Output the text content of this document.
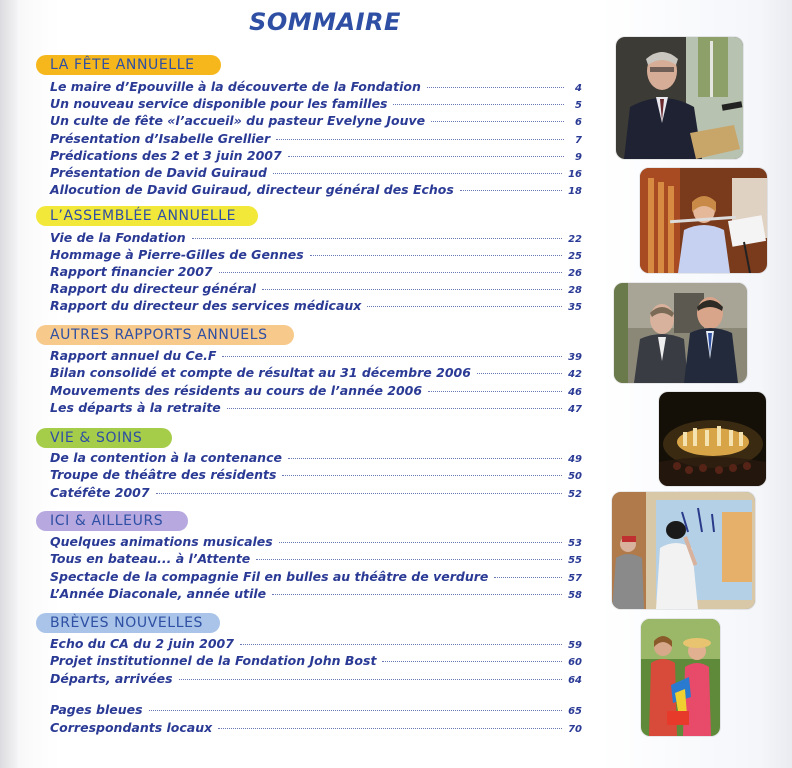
SOMMAIRE
LA FÊTE ANNUELLE
Le maire d’Epouville à la découverte de la Fondation	4
Un nouveau service disponible pour les familles	5
Un culte de fête «l’accueil» du pasteur Evelyne Jouve	6
Présentation d’Isabelle Grellier	7
Prédications des 2 et 3 juin 2007	9
Présentation de David Guiraud	16
Allocution de David Guiraud, directeur général des Echos	18
L’ASSEMBLÉE ANNUELLE
Vie de la Fondation	22
Hommage à Pierre-Gilles de Gennes	25
Rapport financier 2007	26
Rapport du directeur général	28
Rapport du directeur des services médicaux	35
AUTRES RAPPORTS ANNUELS
Rapport annuel du Ce.F	39
Bilan consolidé et compte de résultat au 31 décembre 2006	42
Mouvements des résidents au cours de l’année 2006	46
Les départs à la retraite	47
VIE & SOINS
De la contention à la contenance	49
Troupe de théâtre des résidents	50
Catéfête 2007	52
ICI & AILLEURS
Quelques animations musicales	53
Tous en bateau... à l’Attente	55
Spectacle de la compagnie Fil en bulles au théâtre de verdure	57
L’Année Diaconale, année utile	58
BRÈVES NOUVELLES
Echo du CA du 2 juin 2007	59
Projet institutionnel de la Fondation John Bost	60
Départs, arrivées	64
Pages bleues	65
Correspondants locaux	70
